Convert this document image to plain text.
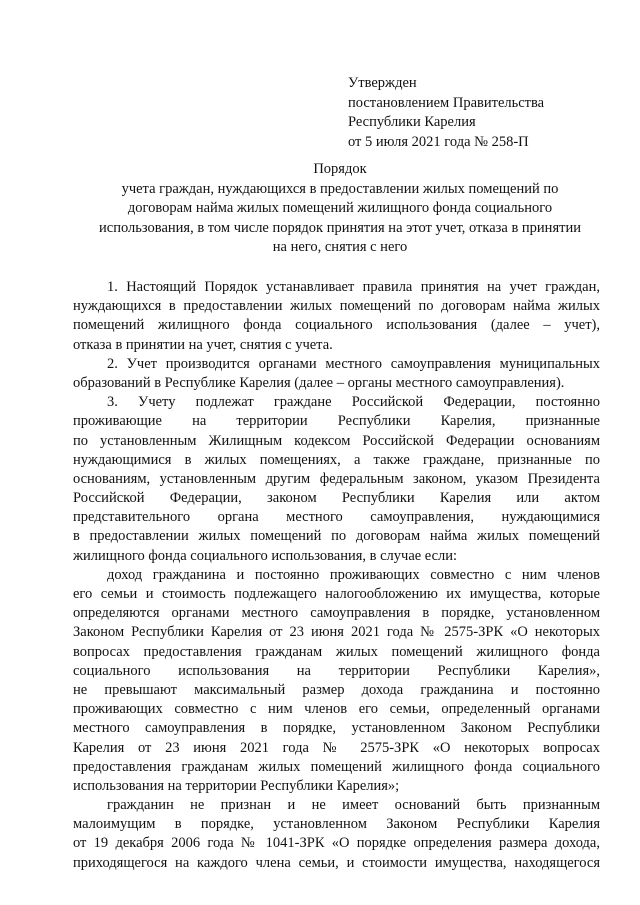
Утвержден
постановлением Правительства
Республики Карелия
от 5 июля 2021 года № 258-П
Порядок
учета граждан, нуждающихся в предоставлении жилых помещений по
договорам найма жилых помещений жилищного фонда социального
использования, в том числе порядок принятия на этот учет, отказа в принятии
на него, снятия с него
1. Настоящий Порядок устанавливает правила принятия на учет граждан,
нуждающихся в предоставлении жилых помещений по договорам найма жилых
помещений жилищного фонда социального использования (далее – учет),
отказа в принятии на учет, снятия с учета.
2. Учет производится органами местного самоуправления муниципальных
образований в Республике Карелия (далее – органы местного самоуправления).
3. Учету подлежат граждане Российской Федерации, постоянно
проживающие на территории Республики Карелия, признанные
по установленным Жилищным кодексом Российской Федерации основаниям
нуждающимися в жилых помещениях, а также граждане, признанные по
основаниям, установленным другим федеральным законом, указом Президента
Российской Федерации, законом Республики Карелия или актом
представительного органа местного самоуправления, нуждающимися
в предоставлении жилых помещений по договорам найма жилых помещений
жилищного фонда социального использования, в случае если:
доход гражданина и постоянно проживающих совместно с ним членов
его семьи и стоимость подлежащего налогообложению их имущества, которые
определяются органами местного самоуправления в порядке, установленном
Законом Республики Карелия от 23 июня 2021 года № 2575-ЗРК «О некоторых
вопросах предоставления гражданам жилых помещений жилищного фонда
социального использования на территории Республики Карелия»,
не превышают максимальный размер дохода гражданина и постоянно
проживающих совместно с ним членов его семьи, определенный органами
местного самоуправления в порядке, установленном Законом Республики
Карелия от 23 июня 2021 года № 2575-ЗРК «О некоторых вопросах
предоставления гражданам жилых помещений жилищного фонда социального
использования на территории Республики Карелия»;
гражданин не признан и не имеет оснований быть признанным
малоимущим в порядке, установленном Законом Республики Карелия
от 19 декабря 2006 года № 1041-ЗРК «О порядке определения размера дохода,
приходящегося на каждого члена семьи, и стоимости имущества, находящегося
